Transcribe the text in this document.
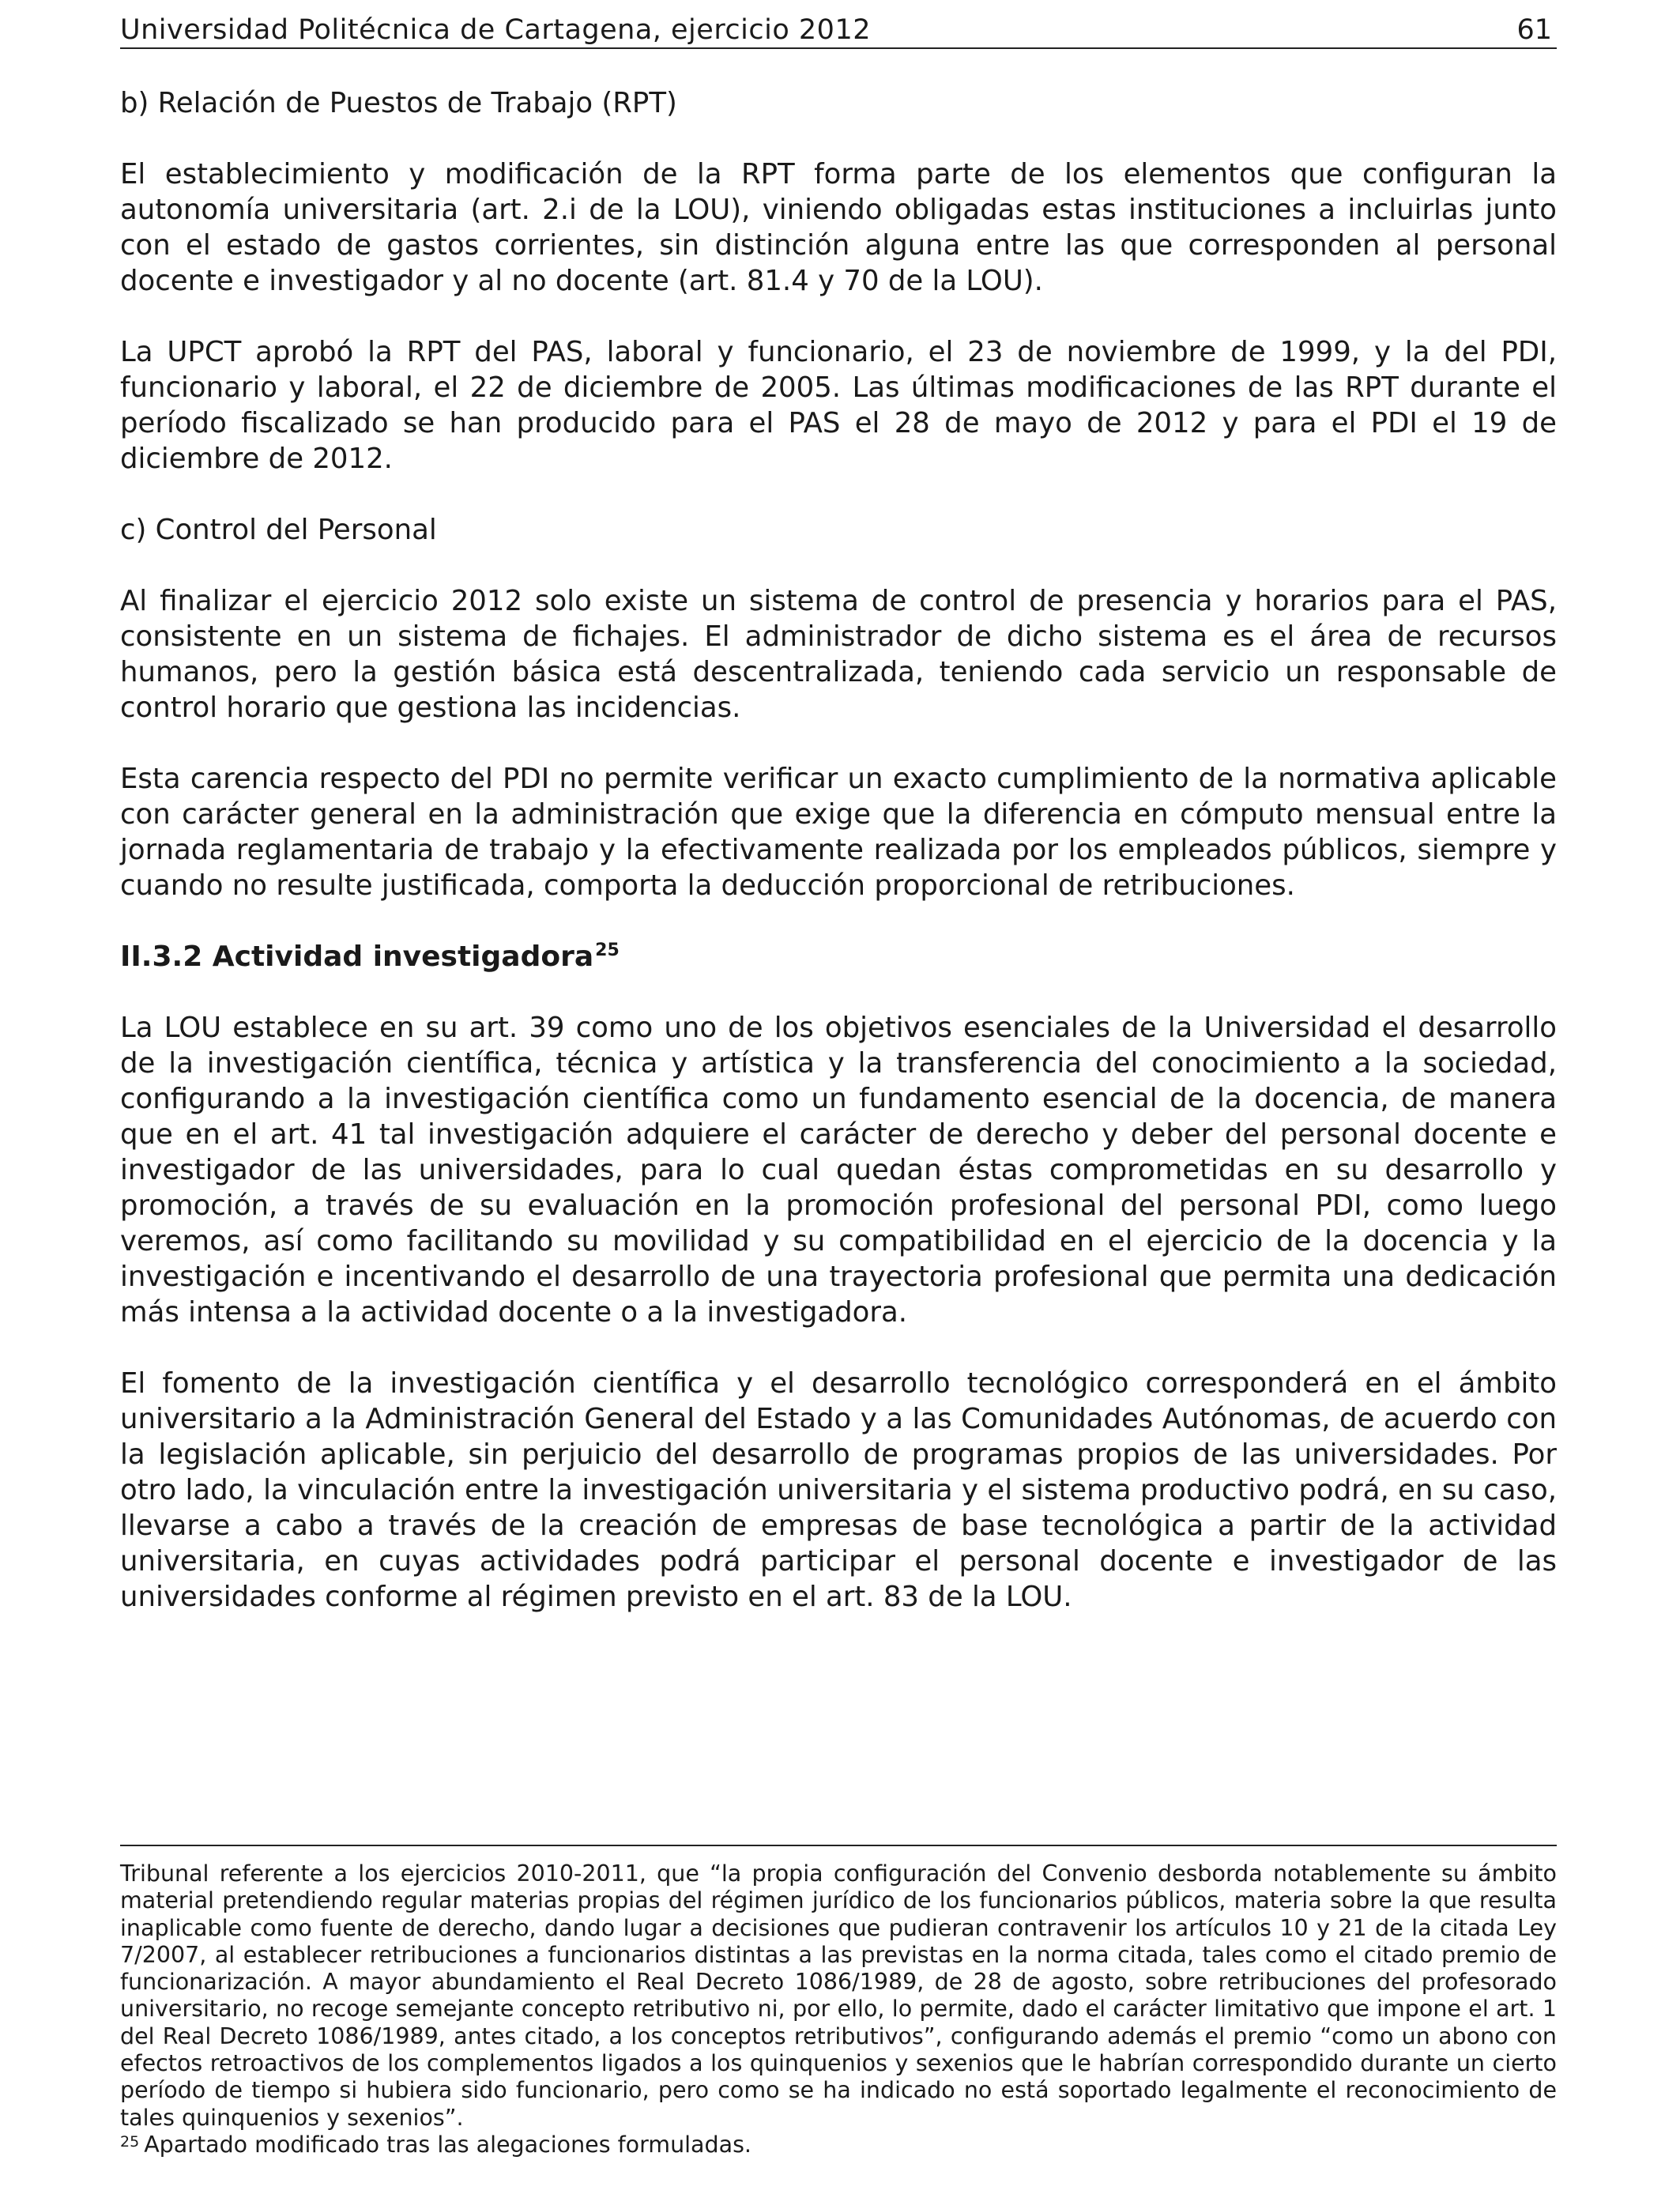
Universidad Politécnica de Cartagena, ejercicio 2012	61
b) Relación de Puestos de Trabajo (RPT)

El establecimiento y modificación de la RPT forma parte de los elementos que configuran la autonomía universitaria (art. 2.i de la LOU), viniendo obligadas estas instituciones a incluirlas junto con el estado de gastos corrientes, sin distinción alguna entre las que corresponden al personal docente e investigador y al no docente (art. 81.4 y 70 de la LOU).

La UPCT aprobó la RPT del PAS, laboral y funcionario, el 23 de noviembre de 1999, y la del PDI, funcionario y laboral, el 22 de diciembre de 2005. Las últimas modificaciones de las RPT durante el período fiscalizado se han producido para el PAS el 28 de mayo de 2012 y para el PDI el 19 de diciembre de 2012.

c) Control del Personal

Al finalizar el ejercicio 2012 solo existe un sistema de control de presencia y horarios para el PAS, consistente en un sistema de fichajes. El administrador de dicho sistema es el área de recursos humanos, pero la gestión básica está descentralizada, teniendo cada servicio un responsable de control horario que gestiona las incidencias.

Esta carencia respecto del PDI no permite verificar un exacto cumplimiento de la normativa aplicable con carácter general en la administración que exige que la diferencia en cómputo mensual entre la jornada reglamentaria de trabajo y la efectivamente realizada por los empleados públicos, siempre y cuando no resulte justificada, comporta la deducción proporcional de retribuciones.

II.3.2 Actividad investigadora$^{25}$

La LOU establece en su art. 39 como uno de los objetivos esenciales de la Universidad el desarrollo de la investigación científica, técnica y artística y la transferencia del conocimiento a la sociedad, configurando a la investigación científica como un fundamento esencial de la docencia, de manera que en el art. 41 tal investigación adquiere el carácter de derecho y deber del personal docente e investigador de las universidades, para lo cual quedan éstas comprometidas en su desarrollo y promoción, a través de su evaluación en la promoción profesional del personal PDI, como luego veremos, así como facilitando su movilidad y su compatibilidad en el ejercicio de la docencia y la investigación e incentivando el desarrollo de una trayectoria profesional que permita una dedicación más intensa a la actividad docente o a la investigadora.

El fomento de la investigación científica y el desarrollo tecnológico corresponderá en el ámbito universitario a la Administración General del Estado y a las Comunidades Autónomas, de acuerdo con la legislación aplicable, sin perjuicio del desarrollo de programas propios de las universidades. Por otro lado, la vinculación entre la investigación universitaria y el sistema productivo podrá, en su caso, llevarse a cabo a través de la creación de empresas de base tecnológica a partir de la actividad universitaria, en cuyas actividades podrá participar el personal docente e investigador de las universidades conforme al régimen previsto en el art. 83 de la LOU.

Tribunal referente a los ejercicios 2010-2011, que “la propia configuración del Convenio desborda notablemente su ámbito material pretendiendo regular materias propias del régimen jurídico de los funcionarios públicos, materia sobre la que resulta inaplicable como fuente de derecho, dando lugar a decisiones que pudieran contravenir los artículos 10 y 21 de la citada Ley 7/2007, al establecer retribuciones a funcionarios distintas a las previstas en la norma citada, tales como el citado premio de funcionarización. A mayor abundamiento el Real Decreto 1086/1989, de 28 de agosto, sobre retribuciones del profesorado universitario, no recoge semejante concepto retributivo ni, por ello, lo permite, dado el carácter limitativo que impone el art. 1 del Real Decreto 1086/1989, antes citado, a los conceptos retributivos”, configurando además el premio “como un abono con efectos retroactivos de los complementos ligados a los quinquenios y sexenios que le habrían correspondido durante un cierto período de tiempo si hubiera sido funcionario, pero como se ha indicado no está soportado legalmente el reconocimiento de tales quinquenios y sexenios”.

$^{25}$ Apartado modificado tras las alegaciones formuladas.
